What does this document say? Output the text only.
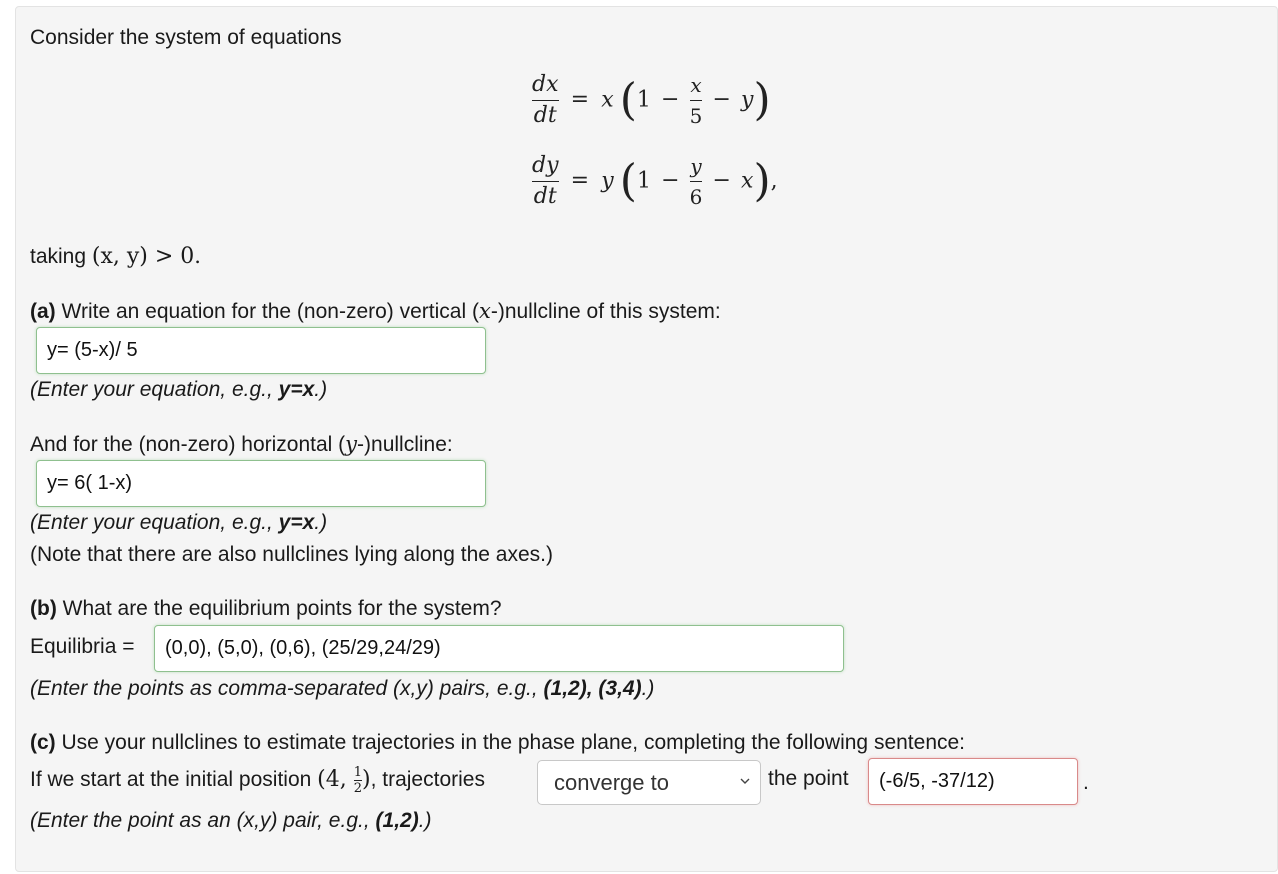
Consider the system of equations
$\frac{dx}{dt} = x$ $(1 - \frac{x}{5} - y)$
$\frac{dy}{dt} = y$ $(1 - \frac{y}{6} - x)$,
taking (x, y) > 0.
(a) Write an equation for the (non-zero) vertical (x-)nullcline of this system:
y= (5-x)/ 5
(Enter your equation, e.g., y=x.)
And for the (non-zero) horizontal (y-)nullcline:
y= 6( 1-x)
(Enter your equation, e.g., y=x.)
(Note that there are also nullclines lying along the axes.)
(b) What are the equilibrium points for the system?
Equilibria =	(0,0), (5,0), (0,6), (25/29,24/29)
(Enter the points as comma-separated (x,y) pairs, e.g., (1,2), (3,4).)
(c) Use your nullclines to estimate trajectories in the phase plane, completing the following sentence:
If we start at the initial position (4, $\frac{1}{2}$ ), trajectories	converge to	the point	(-6/5, -37/12)	.
(Enter the point as an (x,y) pair, e.g., (1,2).)
